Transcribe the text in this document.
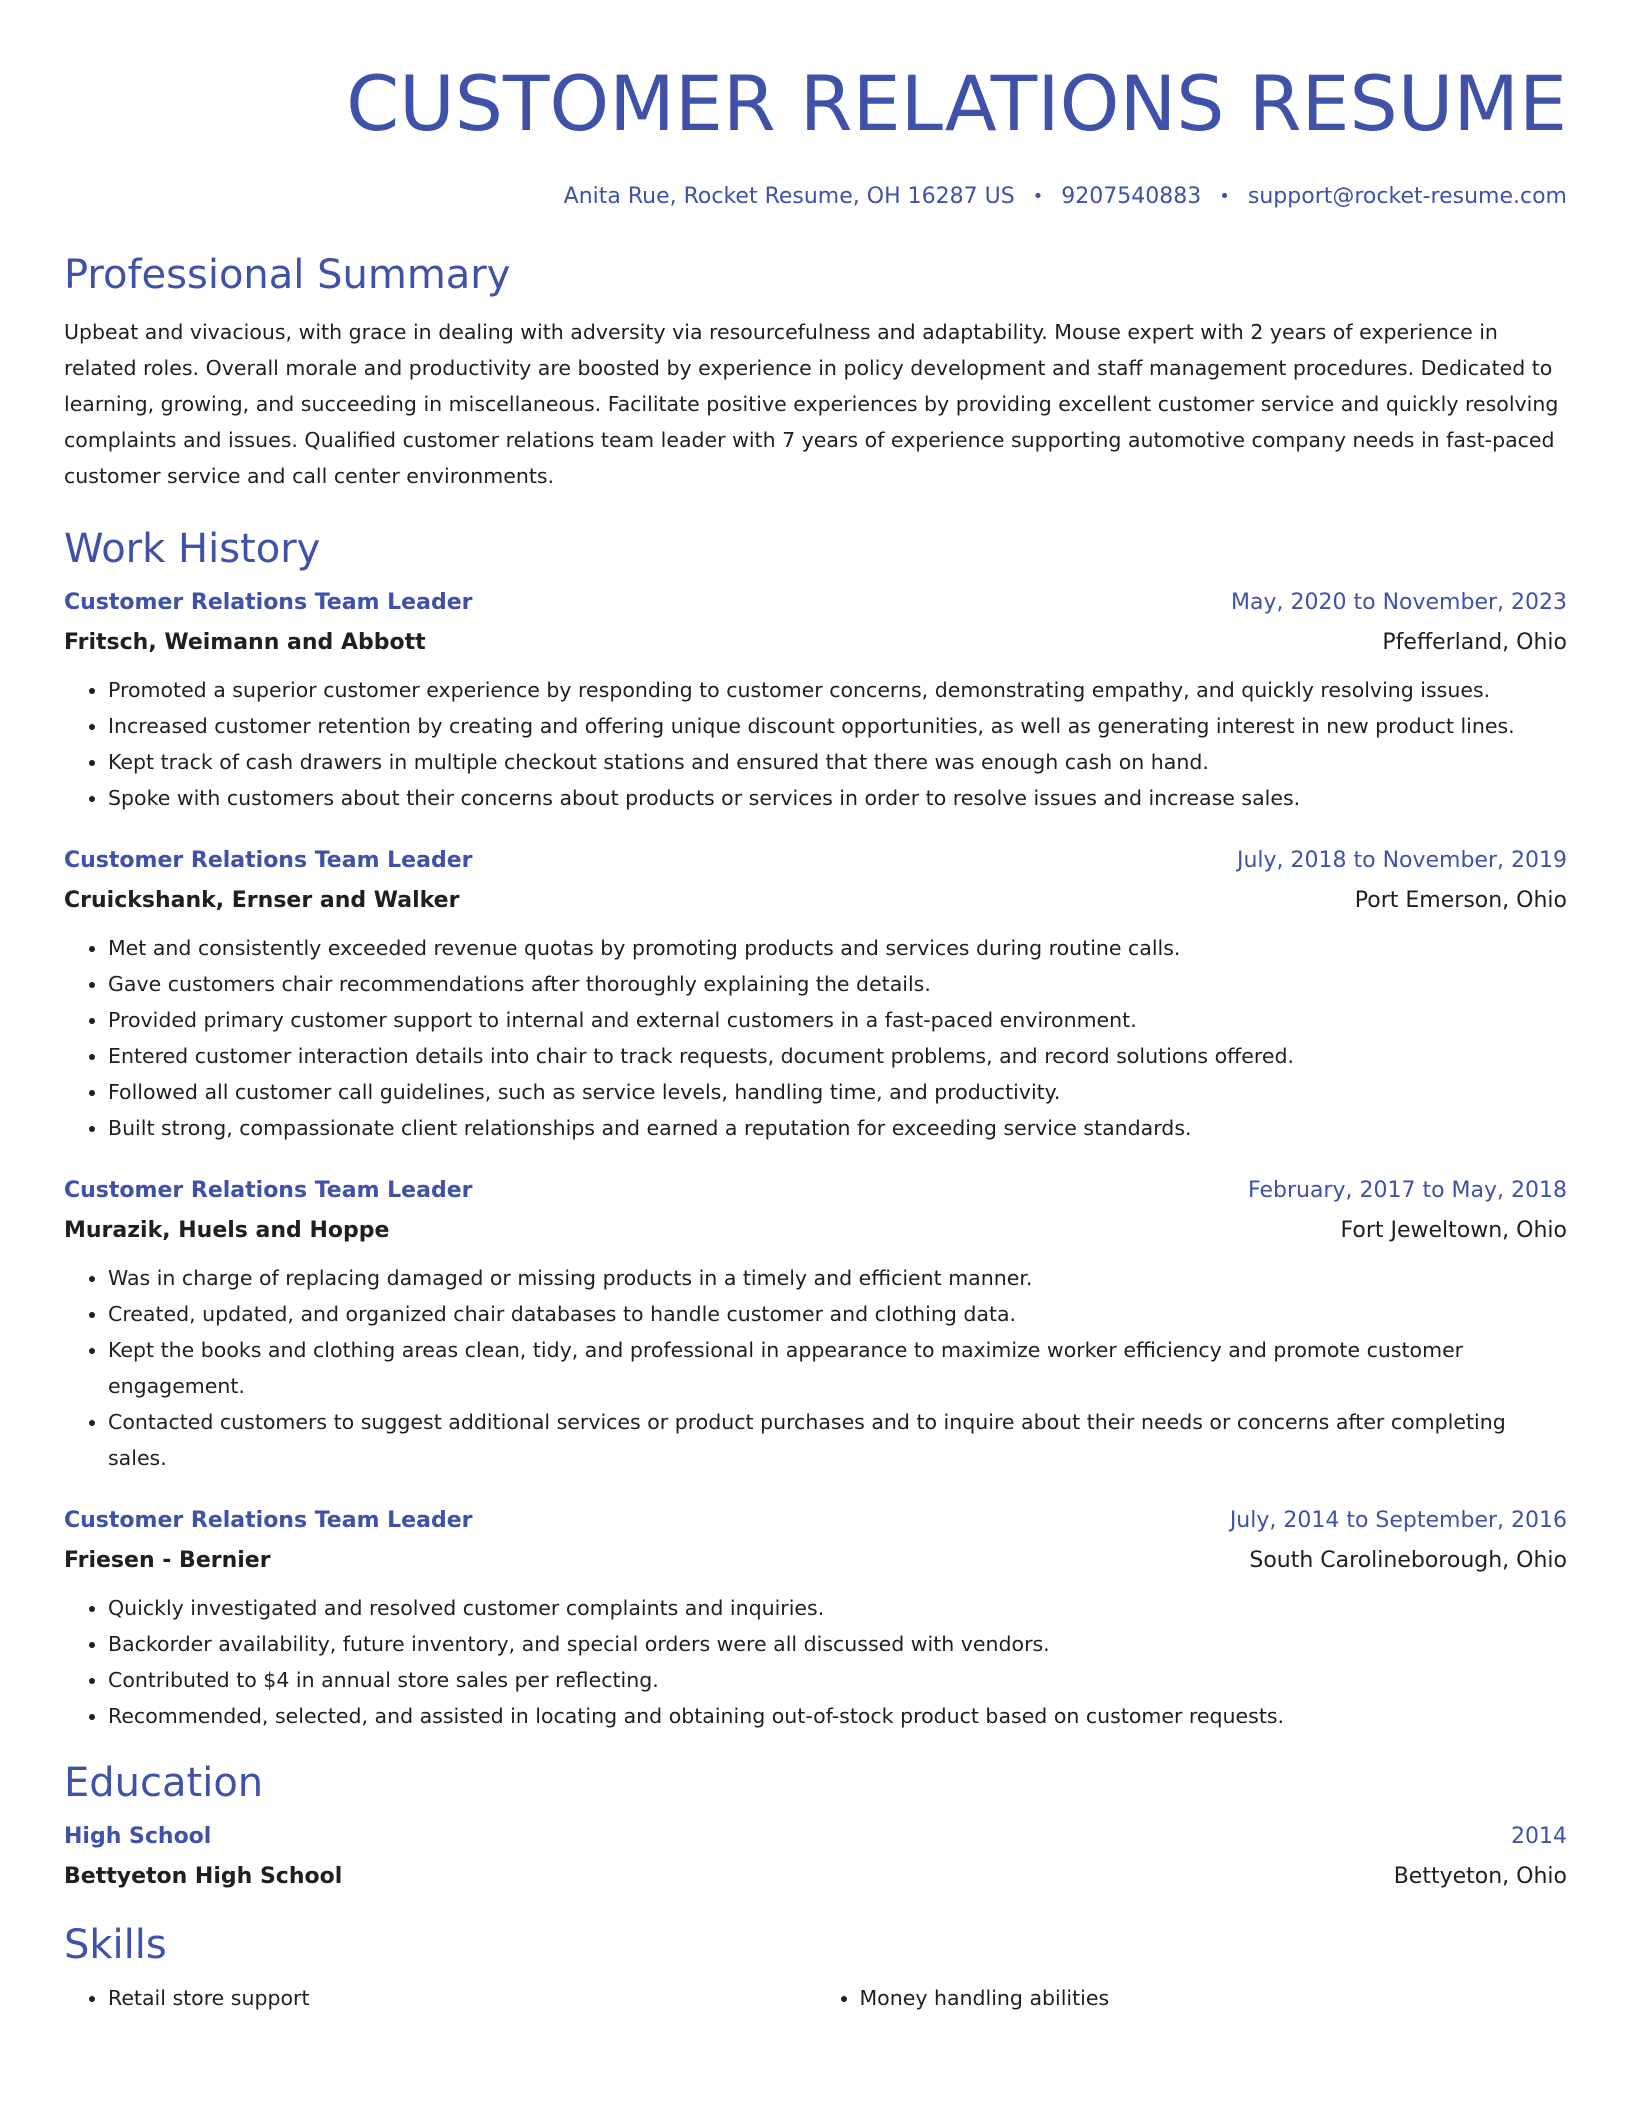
CUSTOMER RELATIONS RESUME
Anita Rue, Rocket Resume, OH 16287 US • 9207540883 • support@rocket-resume.com
Professional Summary

Upbeat and vivacious, with grace in dealing with adversity via resourcefulness and adaptability. Mouse expert with 2 years of experience in related roles. Overall morale and productivity are boosted by experience in policy development and staff management procedures. Dedicated to learning, growing, and succeeding in miscellaneous. Facilitate positive experiences by providing excellent customer service and quickly resolving complaints and issues. Qualified customer relations team leader with 7 years of experience supporting automotive company needs in fast-paced customer service and call center environments.

Work History
Customer Relations Team Leader	May, 2020 to November, 2023
Fritsch, Weimann and Abbott	Pfefferland, Ohio
• Promoted a superior customer experience by responding to customer concerns, demonstrating empathy, and quickly resolving issues.
• Increased customer retention by creating and offering unique discount opportunities, as well as generating interest in new product lines.
• Kept track of cash drawers in multiple checkout stations and ensured that there was enough cash on hand.
• Spoke with customers about their concerns about products or services in order to resolve issues and increase sales.
Customer Relations Team Leader	July, 2018 to November, 2019
Cruickshank, Ernser and Walker	Port Emerson, Ohio
• Met and consistently exceeded revenue quotas by promoting products and services during routine calls.
• Gave customers chair recommendations after thoroughly explaining the details.
• Provided primary customer support to internal and external customers in a fast-paced environment.
• Entered customer interaction details into chair to track requests, document problems, and record solutions offered.
• Followed all customer call guidelines, such as service levels, handling time, and productivity.
• Built strong, compassionate client relationships and earned a reputation for exceeding service standards.
Customer Relations Team Leader	February, 2017 to May, 2018
Murazik, Huels and Hoppe	Fort Jeweltown, Ohio
• Was in charge of replacing damaged or missing products in a timely and efficient manner.
• Created, updated, and organized chair databases to handle customer and clothing data.
• Kept the books and clothing areas clean, tidy, and professional in appearance to maximize worker efficiency and promote customer engagement.
• Contacted customers to suggest additional services or product purchases and to inquire about their needs or concerns after completing sales.
Customer Relations Team Leader	July, 2014 to September, 2016
Friesen - Bernier	South Carolineborough, Ohio
• Quickly investigated and resolved customer complaints and inquiries.
• Backorder availability, future inventory, and special orders were all discussed with vendors.
• Contributed to $4 in annual store sales per reflecting.
• Recommended, selected, and assisted in locating and obtaining out-of-stock product based on customer requests.
Education
High School	2014
Bettyeton High School	Bettyeton, Ohio
Skills
• Retail store support
•	Money handling abilities
